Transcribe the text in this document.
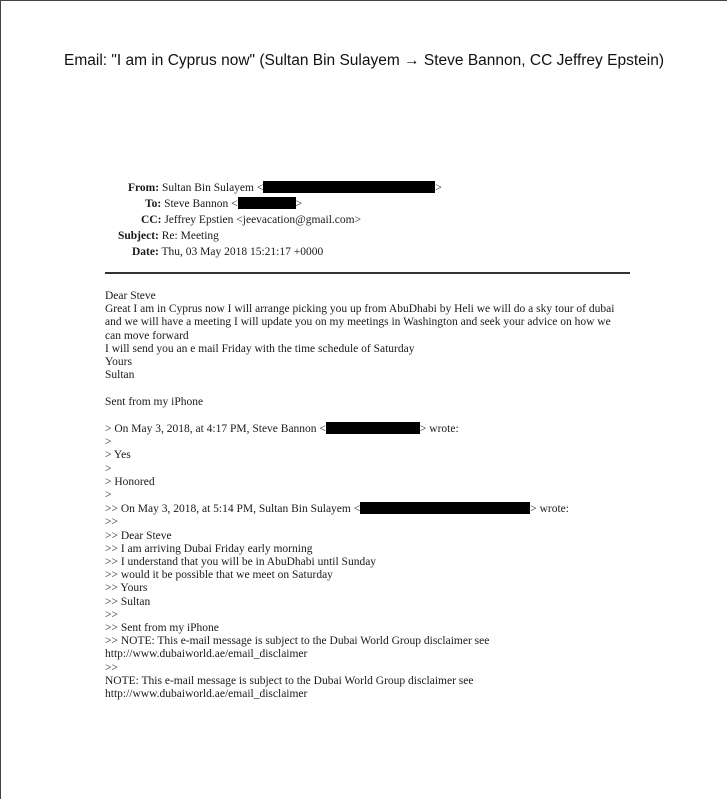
Email: "I am in Cyprus now" (Sultan Bin Sulayem → Steve Bannon, CC Jeffrey Epstein)
From: Sultan Bin Sulayem <	>
To: Steve Bannon <	>
CC: Jeffrey Epstien <jeevacation@gmail.com>
Subject: Re: Meeting
Date: Thu, 03 May 2018 15:21:17 +0000
Dear Steve
Great I am in Cyprus now I will arrange picking you up from AbuDhabi by Heli we will do a sky tour of dubai
and we will have a meeting I will update you on my meetings in Washington and seek your advice on how we
can move forward
I will send you an e mail Friday with the time schedule of Saturday
Yours
Sultan
Sent from my iPhone
> On May 3, 2018, at 4:17 PM, Steve Bannon <	> wrote:
>
> Yes
>
> Honored
>
>> On May 3, 2018, at 5:14 PM, Sultan Bin Sulayem <	> wrote:
>>
>> Dear Steve
>> I am arriving Dubai Friday early morning
>> I understand that you will be in AbuDhabi until Sunday
>> would it be possible that we meet on Saturday
>> Yours
>> Sultan
>>
>> Sent from my iPhone
>> NOTE: This e-mail message is subject to the Dubai World Group disclaimer see
http://www.dubaiworld.ae/email_disclaimer
>>
NOTE: This e-mail message is subject to the Dubai World Group disclaimer see
http://www.dubaiworld.ae/email_disclaimer
